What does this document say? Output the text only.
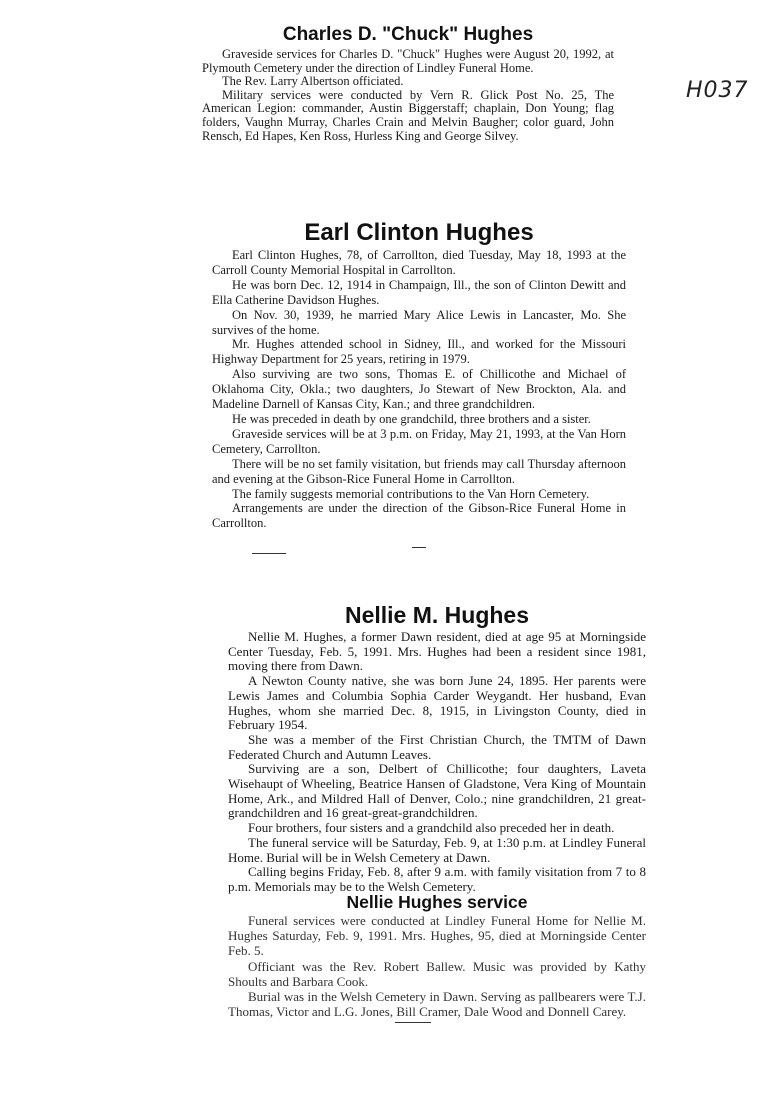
H037
Charles D. "Chuck" Hughes

Graveside services for Charles D. "Chuck" Hughes were August 20, 1992, at Plymouth Cemetery under the direction of Lindley Funeral Home.

The Rev. Larry Albertson officiated.

Military services were conducted by Vern R. Glick Post No. 25, The American Legion: commander, Austin Biggerstaff; chaplain, Don Young; flag folders, Vaughn Murray, Charles Crain and Melvin Baugher; color guard, John Rensch, Ed Hapes, Ken Ross, Hurless King and George Silvey.

Earl Clinton Hughes

Earl Clinton Hughes, 78, of Carrollton, died Tuesday, May 18, 1993 at the Carroll County Memorial Hospital in Carrollton.

He was born Dec. 12, 1914 in Champaign, Ill., the son of Clinton Dewitt and Ella Catherine Davidson Hughes.

On Nov. 30, 1939, he married Mary Alice Lewis in Lancaster, Mo. She survives of the home.

Mr. Hughes attended school in Sidney, Ill., and worked for the Missouri Highway Department for 25 years, retiring in 1979.

Also surviving are two sons, Thomas E. of Chillicothe and Michael of Oklahoma City, Okla.; two daughters, Jo Stewart of New Brockton, Ala. and Madeline Darnell of Kansas City, Kan.; and three grandchildren.

He was preceded in death by one grandchild, three brothers and a sister.

Graveside services will be at 3 p.m. on Friday, May 21, 1993, at the Van Horn Cemetery, Carrollton.

There will be no set family visitation, but friends may call Thursday afternoon and evening at the Gibson-Rice Funeral Home in Carrollton.

The family suggests memorial contributions to the Van Horn Cemetery.

Arrangements are under the direction of the Gibson-Rice Funeral Home in Carrollton.

Nellie M. Hughes

Nellie M. Hughes, a former Dawn resident, died at age 95 at Morningside Center Tuesday, Feb. 5, 1991. Mrs. Hughes had been a resident since 1981, moving there from Dawn.

A Newton County native, she was born June 24, 1895. Her parents were Lewis James and Columbia Sophia Carder Weygandt. Her husband, Evan Hughes, whom she married Dec. 8, 1915, in Livingston County, died in February 1954.

She was a member of the First Christian Church, the TMTM of Dawn Federated Church and Autumn Leaves.

Surviving are a son, Delbert of Chillicothe; four daughters, Laveta Wisehaupt of Wheeling, Beatrice Hansen of Gladstone, Vera King of Mountain Home, Ark., and Mildred Hall of Denver, Colo.; nine grandchildren, 21 great-grandchildren and 16 great-great-grandchildren.

Four brothers, four sisters and a grandchild also preceded her in death.

The funeral service will be Saturday, Feb. 9, at 1:30 p.m. at Lindley Funeral Home. Burial will be in Welsh Cemetery at Dawn.

Calling begins Friday, Feb. 8, after 9 a.m. with family visitation from 7 to 8 p.m. Memorials may be to the Welsh Cemetery.

Nellie Hughes service

Funeral services were conducted at Lindley Funeral Home for Nellie M. Hughes Saturday, Feb. 9, 1991. Mrs. Hughes, 95, died at Morningside Center Feb. 5.

Officiant was the Rev. Robert Ballew. Music was provided by Kathy Shoults and Barbara Cook.

Burial was in the Welsh Cemetery in Dawn. Serving as pallbearers were T.J. Thomas, Victor and L.G. Jones, Bill Cramer, Dale Wood and Donnell Carey.
